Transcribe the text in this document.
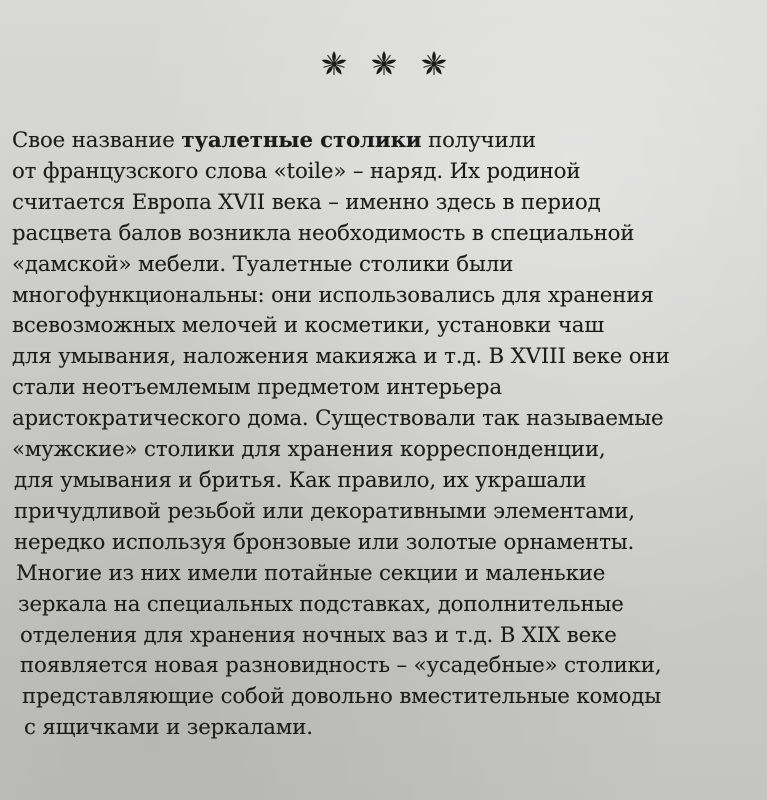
Свое название туалетные столики получили
от французского слова «toile» – наряд. Их родиной
считается Европа XVII века – именно здесь в период
расцвета балов возникла необходимость в специальной
«дамской» мебели. Туалетные столики были
многофункциональны: они использовались для хранения
всевозможных мелочей и косметики, установки чаш
для умывания, наложения макияжа и т.д. В XVIII веке они
стали неотъемлемым предметом интерьера
аристократического дома. Существовали так называемые
«мужские» столики для хранения корреспонденции,
для умывания и бритья. Как правило, их украшали
причудливой резьбой или декоративными элементами,
нередко используя бронзовые или золотые орнаменты.
Многие из них имели потайные секции и маленькие
зеркала на специальных подставках, дополнительные
отделения для хранения ночных ваз и т.д. В XIX веке
появляется новая разновидность – «усадебные» столики,
представляющие собой довольно вместительные комоды
с ящичками и зеркалами.
